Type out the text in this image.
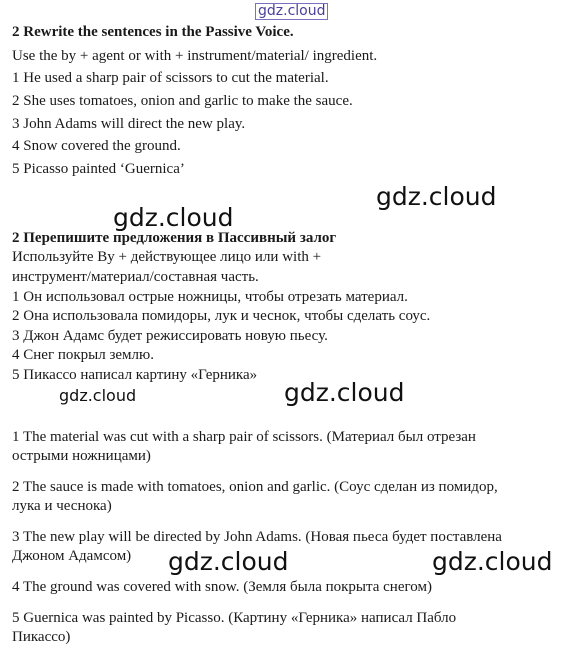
gdz.cloud
2 Rewrite the sentences in the Passive Voice.
Use the by + agent or with + instrument/material/ ingredient.
1 He used a sharp pair of scissors to cut the material.
2 She uses tomatoes, onion and garlic to make the sauce.
3 John Adams will direct the new play.
4 Snow covered the ground.
5 Picasso painted ‘Guernica’
2 Перепишите предложения в Пассивный залог
Используйте By + действующее лицо или with +
инструмент/материал/составная часть.
1 Он использовал острые ножницы, чтобы отрезать материал.
2 Она использовала помидоры, лук и чеснок, чтобы сделать соус.
3 Джон Адамс будет режиссировать новую пьесу.
4 Снег покрыл землю.
5 Пикассо написал картину «Герника»
1 The material was cut with a sharp pair of scissors. (Материал был отрезан
острыми ножницами)
2 The sauce is made with tomatoes, onion and garlic. (Соус сделан из помидор,
лука и чеснока)
3 The new play will be directed by John Adams. (Новая пьеса будет поставлена
Джоном Адамсом)
4 The ground was covered with snow. (Земля была покрыта снегом)
5 Guernica was painted by Picasso. (Картину «Герника» написал Пабло
Пикассо)
gdz.cloud
gdz.cloud
gdz.cloud	gdz.cloud
gdz.cloud	gdz.cloud
